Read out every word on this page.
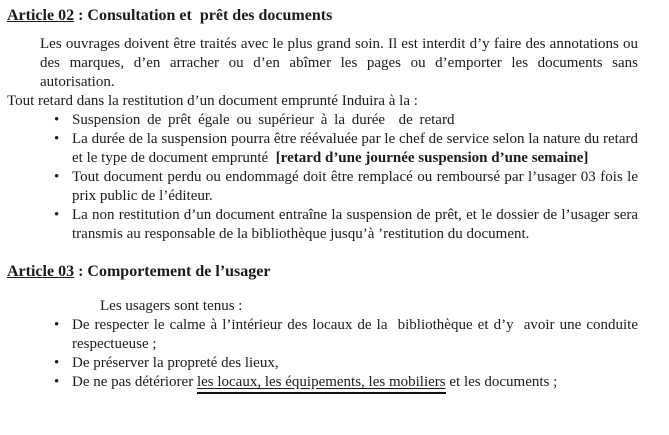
Article 02 : Consultation et  prêt des documents

Les ouvrages doivent être traités avec le plus grand soin. Il est interdit d’y faire des annotations ou des marques, d’en arracher ou d’en abîmer les pages ou d’emporter les documents sans autorisation.

Tout retard dans la restitution d’un document emprunté Induira à la :

• Suspension de prêt égale ou supérieur à la durée  de retard
• La durée de la suspension pourra être réévaluée par le chef de service selon la nature du retard et le type de document emprunté  [retard d’une journée suspension d’une semaine]
• Tout document perdu ou endommagé doit être remplacé ou remboursé par l’usager 03 fois le prix public de l’éditeur.
• La non restitution d’un document entraîne la suspension de prêt, et le dossier de l’usager sera transmis au responsable de la bibliothèque jusqu’à ’restitution du document.
Article 03 : Comportement de l’usager

Les usagers sont tenus :

• De respecter le calme à l’intérieur des locaux de la  bibliothèque et d’y  avoir une conduite respectueuse ;
• De préserver la propreté des lieux,
• De ne pas détériorer les locaux, les équipements, les mobiliers et les documents ;
